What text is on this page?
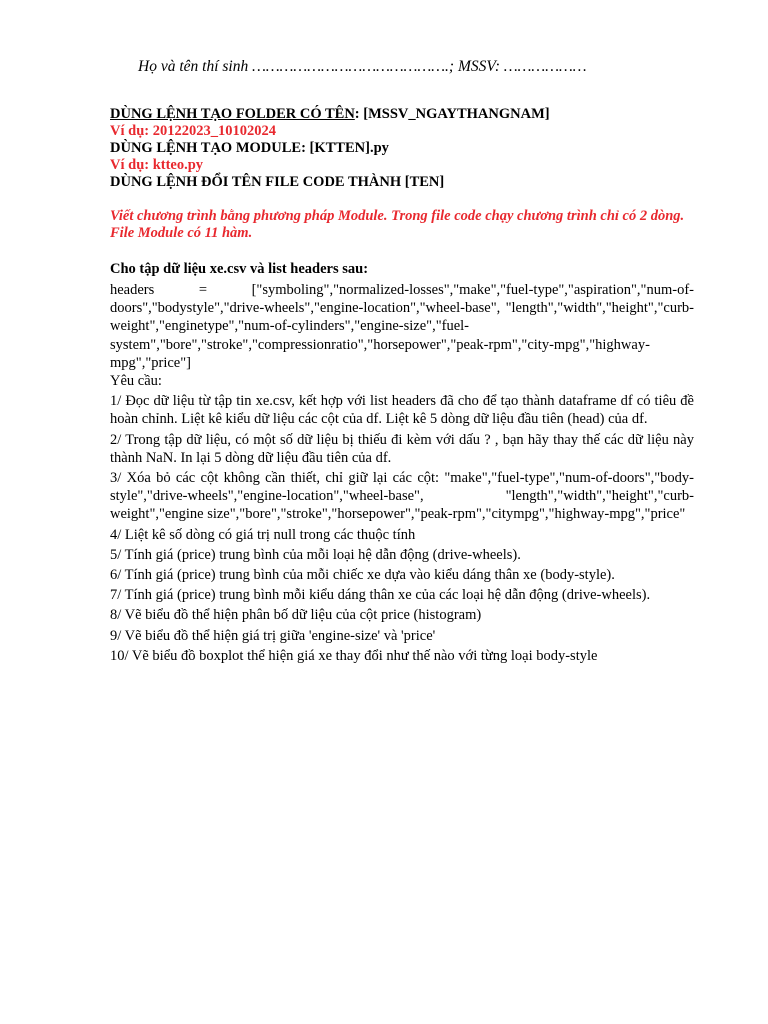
Họ và tên thí sinh …………………………………….; MSSV: ………………

DÙNG LỆNH TẠO FOLDER CÓ TÊN: [MSSV_NGAYTHANGNAM]

Ví dụ: 20122023_10102024

DÙNG LỆNH TẠO MODULE: [KTTEN].py

Ví dụ: ktteo.py

DÙNG LỆNH ĐỔI TÊN FILE CODE THÀNH [TEN]

Viết chương trình bằng phương pháp Module. Trong file code chạy chương trình chỉ có 2 dòng.

File Module có 11 hàm.

Cho tập dữ liệu xe.csv và list headers sau:

headers = ["symboling","normalized-losses","make","fuel-type","aspiration","num-of-doors","bodystyle","drive-wheels","engine-location","wheel-base", "length","width","height","curb-weight","enginetype","num-of-cylinders","engine-size","fuel-system","bore","stroke","compressionratio","horsepower","peak-rpm","city-mpg","highway-mpg","price"]

Yêu cầu:

1/ Đọc dữ liệu từ tập tin xe.csv, kết hợp với list headers đã cho để tạo thành dataframe df có tiêu đề hoàn chỉnh. Liệt kê kiểu dữ liệu các cột của df. Liệt kê 5 dòng dữ liệu đầu tiên (head) của df.

2/ Trong tập dữ liệu, có một số dữ liệu bị thiếu đi kèm với dấu ? , bạn hãy thay thế các dữ liệu này thành NaN. In lại 5 dòng dữ liệu đầu tiên của df.

3/ Xóa bỏ các cột không cần thiết, chỉ giữ lại các cột: "make","fuel-type","num-of-doors","body-style","drive-wheels","engine-location","wheel-base", "length","width","height","curb-weight","engine size","bore","stroke","horsepower","peak-rpm","citympg","highway-mpg","price"

4/ Liệt kê số dòng có giá trị null trong các thuộc tính

5/ Tính giá (price) trung bình của mỗi loại hệ dẫn động (drive-wheels).

6/ Tính giá (price) trung bình của mỗi chiếc xe dựa vào kiểu dáng thân xe (body-style).

7/ Tính giá (price) trung bình mỗi kiểu dáng thân xe của các loại hệ dẫn động (drive-wheels).

8/ Vẽ biểu đồ thể hiện phân bố dữ liệu của cột price (histogram)

9/ Vẽ biểu đồ thể hiện giá trị giữa 'engine-size' và 'price'

10/ Vẽ biểu đồ boxplot thể hiện giá xe thay đổi như thế nào với từng loại body-style
